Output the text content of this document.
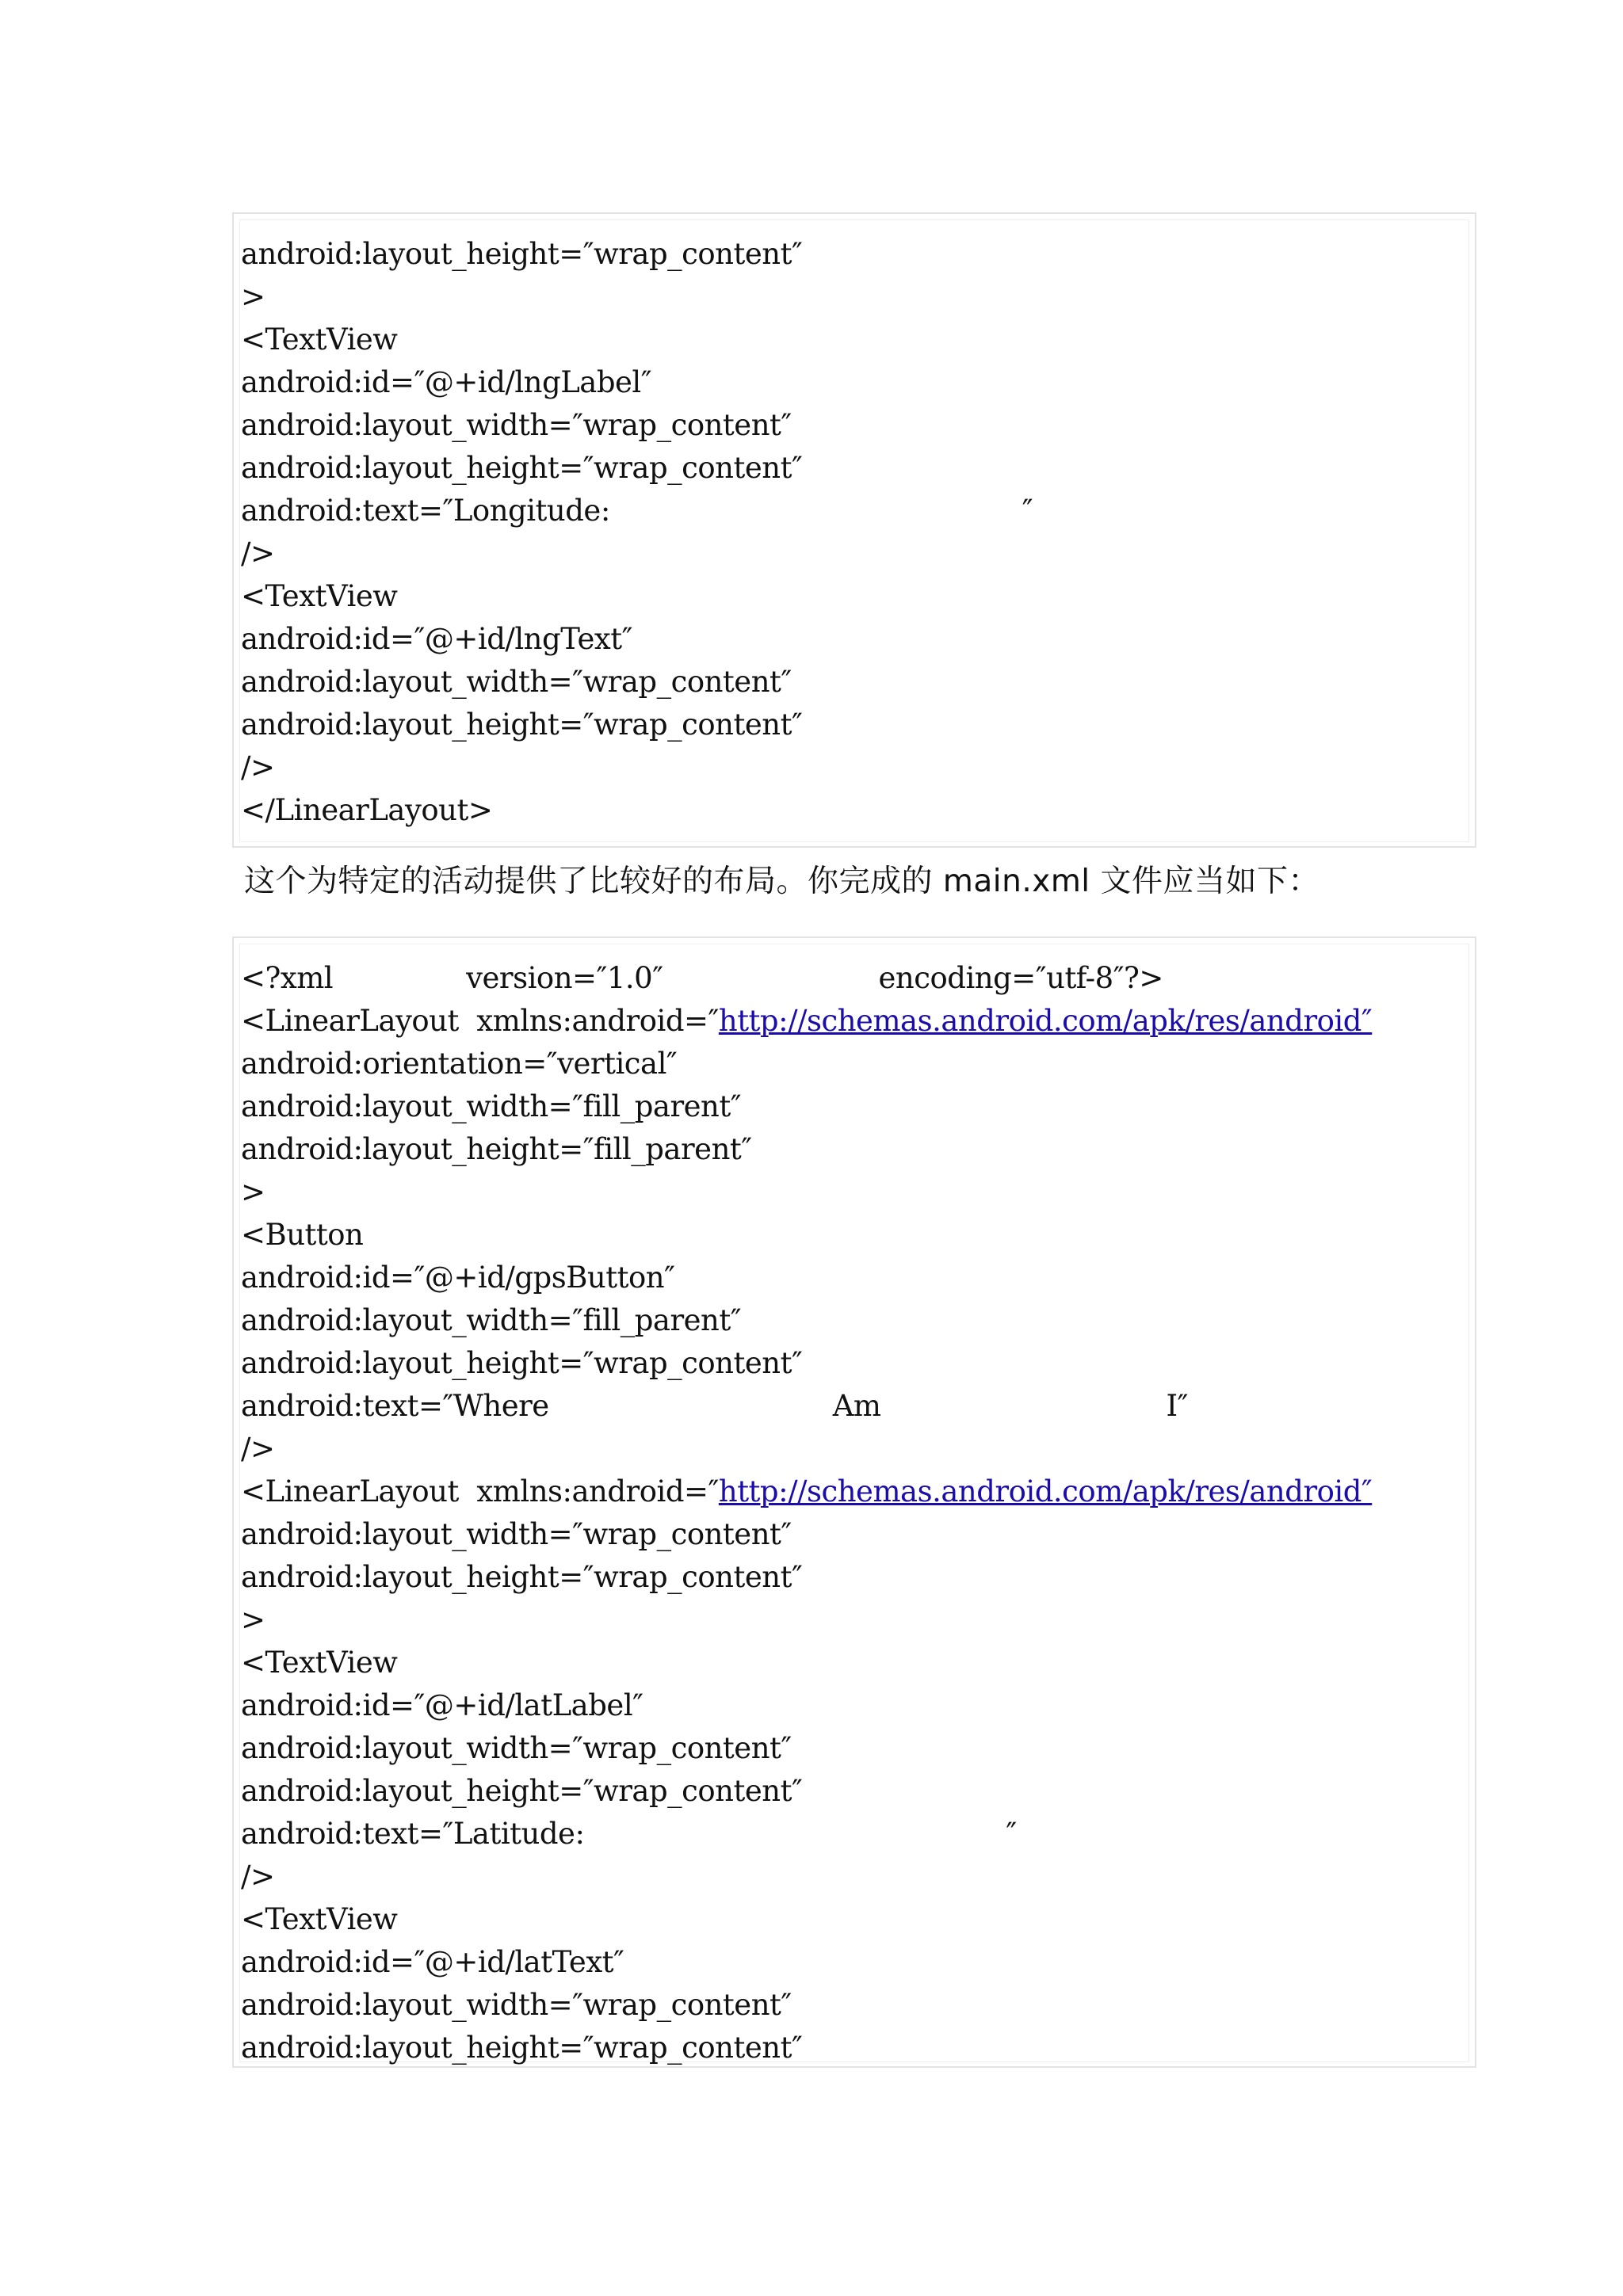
android:layout_height=″wrap_content″
>
<TextView
android:id=″@+id/lngLabel″
android:layout_width=″wrap_content″
android:layout_height=″wrap_content″
android:text=″Longitude:	″
/>
<TextView
android:id=″@+id/lngText″
android:layout_width=″wrap_content″
android:layout_height=″wrap_content″
/>
</LinearLayout>
这个为特定的活动提供了比较好的布局。你完成的 main.xml 文件应当如下：
<?xml	version=″1.0″	encoding=″utf-8″?>
<LinearLayout  xmlns:android=″http://schemas.android.com/apk/res/android″
android:orientation=″vertical″
android:layout_width=″fill_parent″
android:layout_height=″fill_parent″
>
<Button
android:id=″@+id/gpsButton″
android:layout_width=″fill_parent″
android:layout_height=″wrap_content″
android:text=″Where	Am	I″
/>
<LinearLayout  xmlns:android=″http://schemas.android.com/apk/res/android″
android:layout_width=″wrap_content″
android:layout_height=″wrap_content″
>
<TextView
android:id=″@+id/latLabel″
android:layout_width=″wrap_content″
android:layout_height=″wrap_content″
android:text=″Latitude:	″
/>
<TextView
android:id=″@+id/latText″
android:layout_width=″wrap_content″
android:layout_height=″wrap_content″
